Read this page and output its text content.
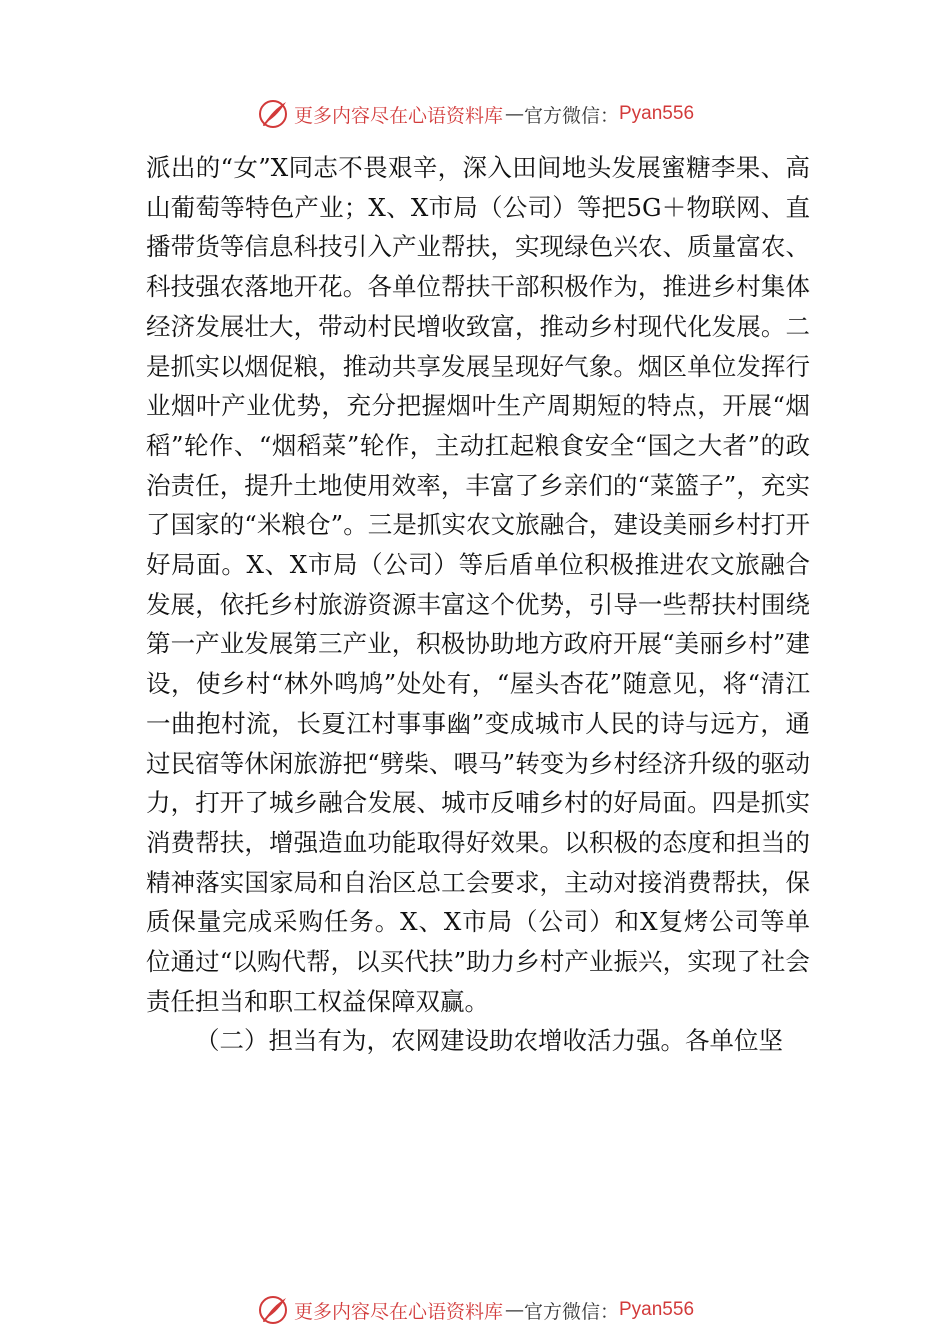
更多内容尽在心语资料库 — 官方微信： Pyan556

派出的“女”X同志不畏艰辛，深入田间地头发展蜜糖李果、高山葡萄等特色产业；X、X市局（公司）等把5G＋物联网、直播带货等信息科技引入产业帮扶，实现绿色兴农、质量富农、科技强农落地开花。各单位帮扶干部积极作为，推进乡村集体经济发展壮大，带动村民增收致富，推动乡村现代化发展。二是抓实以烟促粮，推动共享发展呈现好气象。烟区单位发挥行业烟叶产业优势，充分把握烟叶生产周期短的特点，开展“烟稻”轮作、“烟稻菜”轮作，主动扛起粮食安全“国之大者”的政治责任，提升土地使用效率，丰富了乡亲们的“菜篮子”，充实了国家的“米粮仓”。三是抓实农文旅融合，建设美丽乡村打开好局面。X、X市局（公司）等后盾单位积极推进农文旅融合发展，依托乡村旅游资源丰富这个优势，引导一些帮扶村围绕第一产业发展第三产业，积极协助地方政府开展“美丽乡村”建设，使乡村“林外鸣鸠”处处有，“屋头杏花”随意见，将“清江一曲抱村流，长夏江村事事幽”变成城市人民的诗与远方，通过民宿等休闲旅游把“劈柴、喂马”转变为乡村经济升级的驱动力，打开了城乡融合发展、城市反哺乡村的好局面。四是抓实消费帮扶，增强造血功能取得好效果。以积极的态度和担当的精神落实国家局和自治区总工会要求，主动对接消费帮扶，保质保量完成采购任务。X、X市局（公司）和X复烤公司等单位通过“以购代帮，以买代扶”助力乡村产业振兴，实现了社会责任担当和职工权益保障双赢。

（二）担当有为，农网建设助农增收活力强。各单位坚

更多内容尽在心语资料库 — 官方微信： Pyan556
